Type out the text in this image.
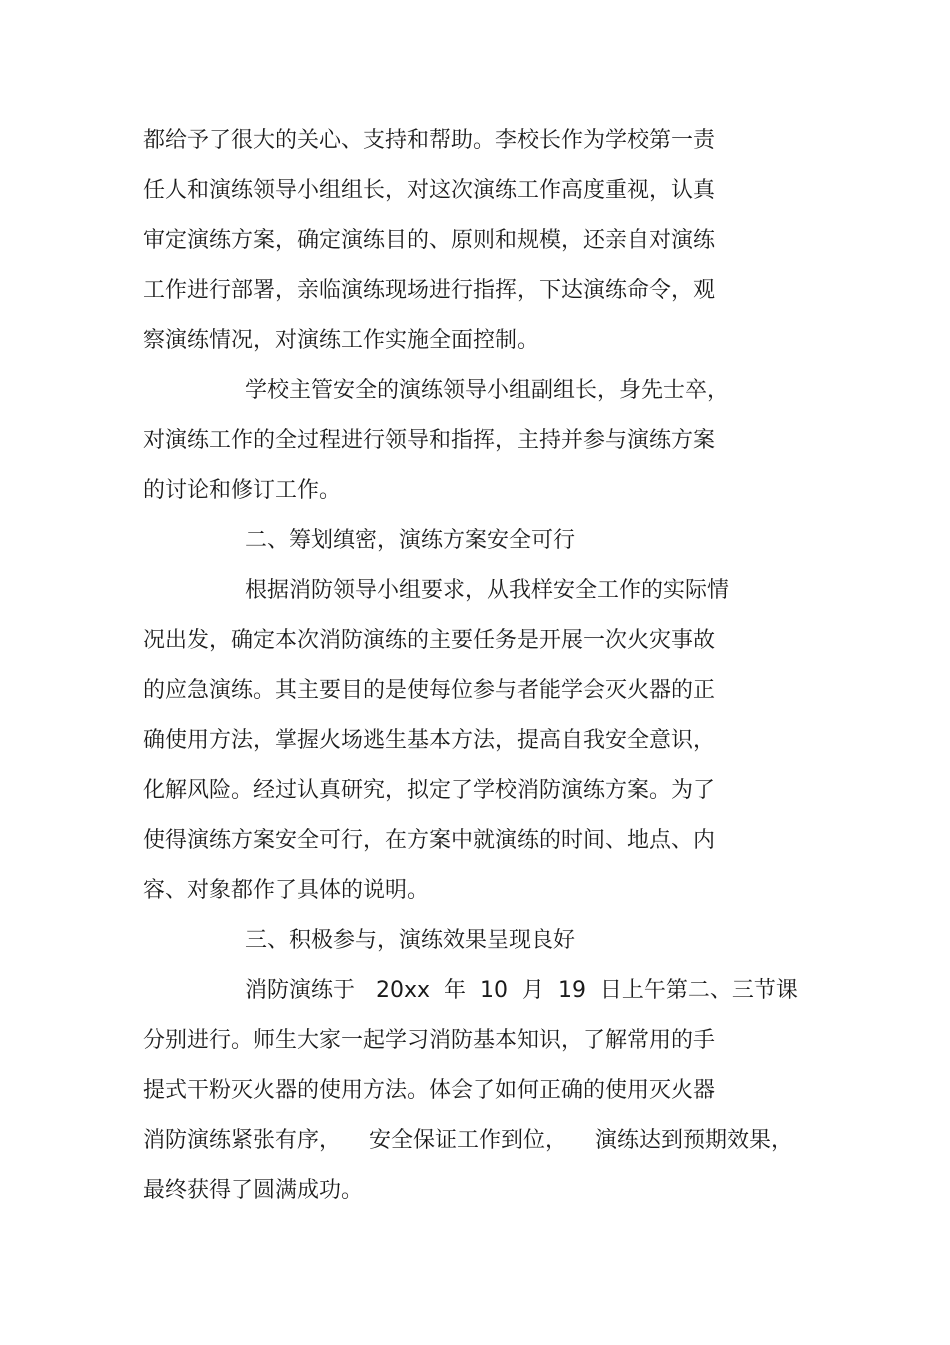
都给予了很大的关心、支持和帮助。李校长作为学校第一责
任人和演练领导小组组长，对这次演练工作高度重视，认真
审定演练方案，确定演练目的、原则和规模，还亲自对演练
工作进行部署，亲临演练现场进行指挥，下达演练命令，观
察演练情况，对演练工作实施全面控制。
学校主管安全的演练领导小组副组长，身先士卒，
对演练工作的全过程进行领导和指挥，主持并参与演练方案
的讨论和修订工作。
二、筹划缜密，演练方案安全可行
根据消防领导小组要求，从我样安全工作的实际情
况出发，确定本次消防演练的主要任务是开展一次火灾事故
的应急演练。其主要目的是使每位参与者能学会灭火器的正
确使用方法，掌握火场逃生基本方法，提高自我安全意识，
化解风险。经过认真研究，拟定了学校消防演练方案。为了
使得演练方案安全可行，在方案中就演练的时间、地点、内
容、对象都作了具体的说明。
三、积极参与，演练效果呈现良好
消防演练于   20xx  年  10  月  19  日上午第二、三节课
分别进行。师生大家一起学习消防基本知识，了解常用的手
提式干粉灭火器的使用方法。体会了如何正确的使用灭火器
消防演练紧张有序，    安全保证工作到位，    演练达到预期效果，
最终获得了圆满成功。
